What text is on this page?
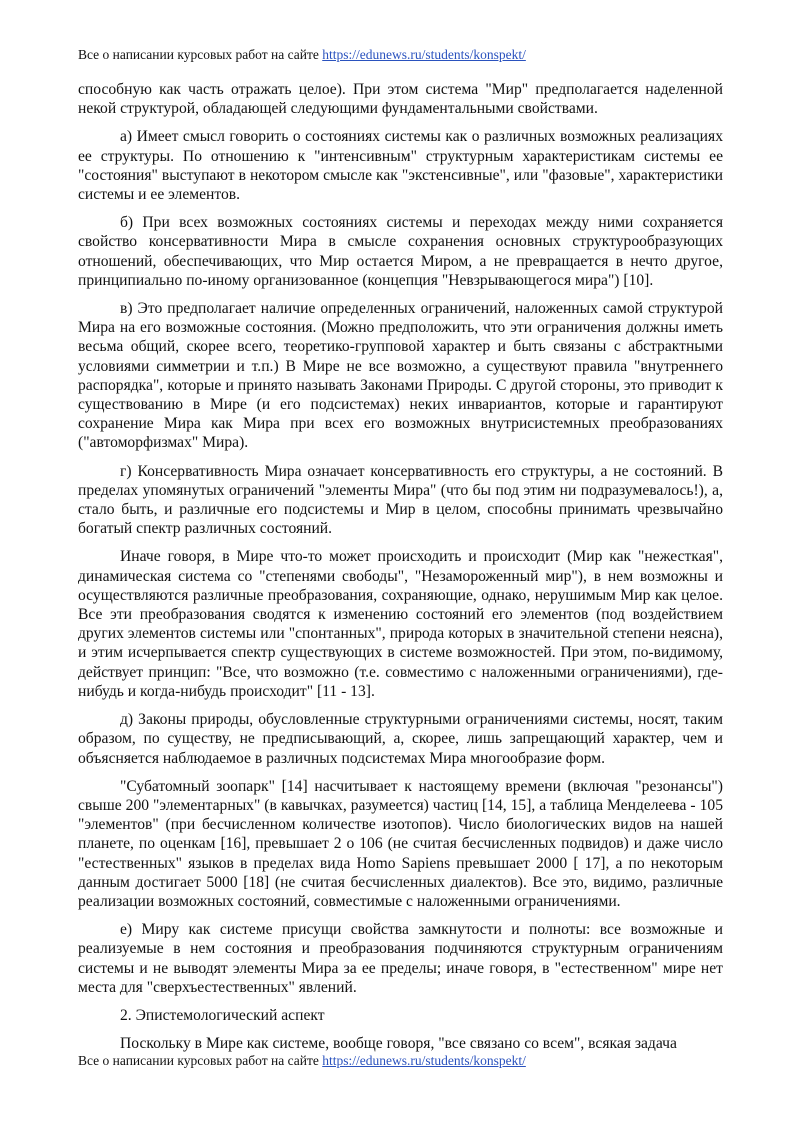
Все о написании курсовых работ на сайте https://edunews.ru/students/konspekt/

способную как часть отражать целое). При этом система "Мир" предполагается наделенной некой структурой, обладающей следующими фундаментальными свойствами.

а) Имеет смысл говорить о состояниях системы как о различных возможных реализациях ее структуры. По отношению к "интенсивным" структурным характеристикам системы ее "состояния" выступают в некотором смысле как "экстенсивные", или "фазовые", характеристики системы и ее элементов.

б) При всех возможных состояниях системы и переходах между ними сохраняется свойство консервативности Мира в смысле сохранения основных структурообразующих отношений, обеспечивающих, что Мир остается Миром, а не превращается в нечто другое, принципиально по-иному организованное (концепция "Невзрывающегося мира") [10].

в) Это предполагает наличие определенных ограничений, наложенных самой структурой Мира на его возможные состояния. (Можно предположить, что эти ограничения должны иметь весьма общий, скорее всего, теоретико-групповой характер и быть связаны с абстрактными условиями симметрии и т.п.) В Мире не все возможно, а существуют правила "внутреннего распорядка", которые и принято называть Законами Природы. С другой стороны, это приводит к существованию в Мире (и его подсистемах) неких инвариантов, которые и гарантируют сохранение Мира как Мира при всех его возможных внутрисистемных преобразованиях ("автоморфизмах" Мира).

г) Консервативность Мира означает консервативность его структуры, а не состояний. В пределах упомянутых ограничений "элементы Мира" (что бы под этим ни подразумевалось!), а, стало быть, и различные его подсистемы и Мир в целом, способны принимать чрезвычайно богатый спектр различных состояний.

Иначе говоря, в Мире что-то может происходить и происходит (Мир как "нежесткая", динамическая система со "степенями свободы", "Незамороженный мир"), в нем возможны и осуществляются различные преобразования, сохраняющие, однако, нерушимым Мир как целое. Все эти преобразования сводятся к изменению состояний его элементов (под воздействием других элементов системы или "спонтанных", природа которых в значительной степени неясна), и этим исчерпывается спектр существующих в системе возможностей. При этом, по-видимому, действует принцип: "Все, что возможно (т.е. совместимо с наложенными ограничениями), где-нибудь и когда-нибудь происходит" [11 - 13].

д) Законы природы, обусловленные структурными ограничениями системы, носят, таким образом, по существу, не предписывающий, а, скорее, лишь запрещающий характер, чем и объясняется наблюдаемое в различных подсистемах Мира многообразие форм.

"Субатомный зоопарк" [14] насчитывает к настоящему времени (включая "резонансы") свыше 200 "элементарных" (в кавычках, разумеется) частиц [14, 15], а таблица Менделеева - 105 "элементов" (при бесчисленном количестве изотопов). Число биологических видов на нашей планете, по оценкам [16], превышает 2 о 106 (не считая бесчисленных подвидов) и даже число "естественных" языков в пределах вида Homo Sapiens превышает 2000 [ 17], а по некоторым данным достигает 5000 [18] (не считая бесчисленных диалектов). Все это, видимо, различные реализации возможных состояний, совместимые с наложенными ограничениями.

е) Миру как системе присущи свойства замкнутости и полноты: все возможные и реализуемые в нем состояния и преобразования подчиняются структурным ограничениям системы и не выводят элементы Мира за ее пределы; иначе говоря, в "естественном" мире нет места для "сверхъестественных" явлений.

2. Эпистемологический аспект

Поскольку в Мире как системе, вообще говоря, "все связано со всем", всякая задача

Все о написании курсовых работ на сайте https://edunews.ru/students/konspekt/
